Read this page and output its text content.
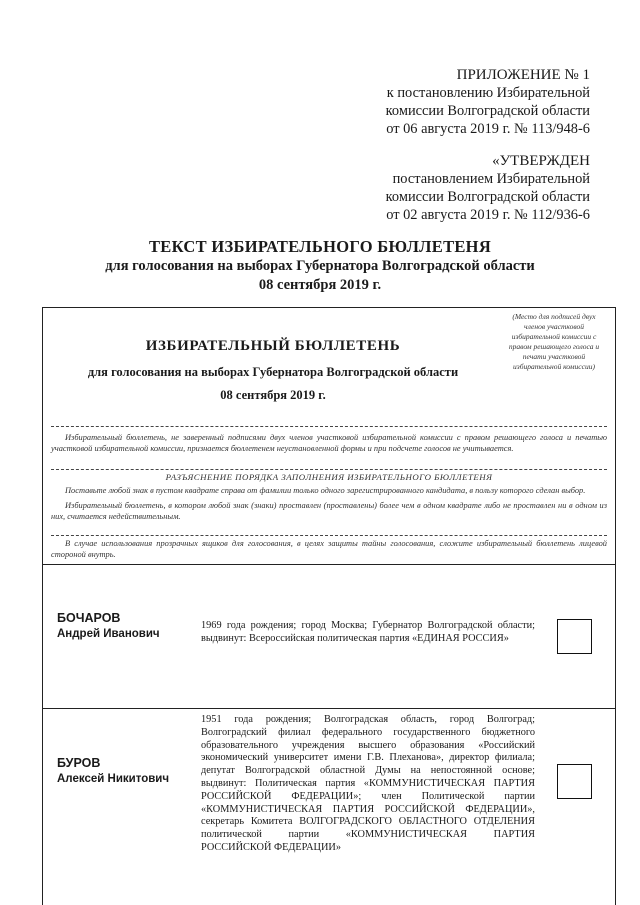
ПРИЛОЖЕНИЕ № 1
к постановлению Избирательной
комиссии Волгоградской области
от 06 августа 2019 г. № 113/948-6
«УТВЕРЖДЕН
постановлением Избирательной
комиссии Волгоградской области
от 02 августа 2019 г. № 112/936-6
ТЕКСТ ИЗБИРАТЕЛЬНОГО БЮЛЛЕТЕНЯ
для голосования на выборах Губернатора Волгоградской области
08 сентября 2019 г.
ИЗБИРАТЕЛЬНЫЙ БЮЛЛЕТЕНЬ
для голосования на выборах Губернатора Волгоградской области
08 сентября 2019 г.
(Место для подписей двух членов участковой избирательной комиссии с правом решающего голоса и печати участковой избирательной комиссии)

Избирательный бюллетень, не заверенный подписями двух членов участковой избирательной комиссии с правом решающего голоса и печатью участковой избирательной комиссии, признается бюллетенем неустановленной формы и при подсчете голосов не учитывается.

РАЗЪЯСНЕНИЕ ПОРЯДКА ЗАПОЛНЕНИЯ ИЗБИРАТЕЛЬНОГО БЮЛЛЕТЕНЯ

Поставьте любой знак в пустом квадрате справа от фамилии только одного зарегистрированного кандидата, в пользу которого сделан выбор.

Избирательный бюллетень, в котором любой знак (знаки) проставлен (проставлены) более чем в одном квадрате либо не проставлен ни в одном из них, считается недействительным.

В случае использования прозрачных ящиков для голосования, в целях защиты тайны голосования, сложите избирательный бюллетень лицевой стороной внутрь.

БОЧАРОВ
Андрей Иванович
1969 года рождения; город Москва; Губернатор Волгоградской области; выдвинут: Всероссийская политическая партия «ЕДИНАЯ РОССИЯ»
БУРОВ
Алексей Никитович
1951 года рождения; Волгоградская область, город Волгоград; Волгоградский филиал федерального государственного бюджетного образовательного учреждения высшего образования «Российский экономический университет имени Г.В. Плеханова», директор филиала; депутат Волгоградской областной Думы на непостоянной основе; выдвинут: Политическая партия «КОММУНИСТИЧЕСКАЯ ПАРТИЯ РОССИЙСКОЙ ФЕДЕРАЦИИ»; член Политической партии «КОММУНИСТИЧЕСКАЯ ПАРТИЯ РОССИЙСКОЙ ФЕДЕРАЦИИ», секретарь Комитета ВОЛГОГРАДСКОГО ОБЛАСТНОГО ОТДЕЛЕНИЯ политической партии «КОММУНИСТИЧЕСКАЯ ПАРТИЯ РОССИЙСКОЙ ФЕДЕРАЦИИ»
